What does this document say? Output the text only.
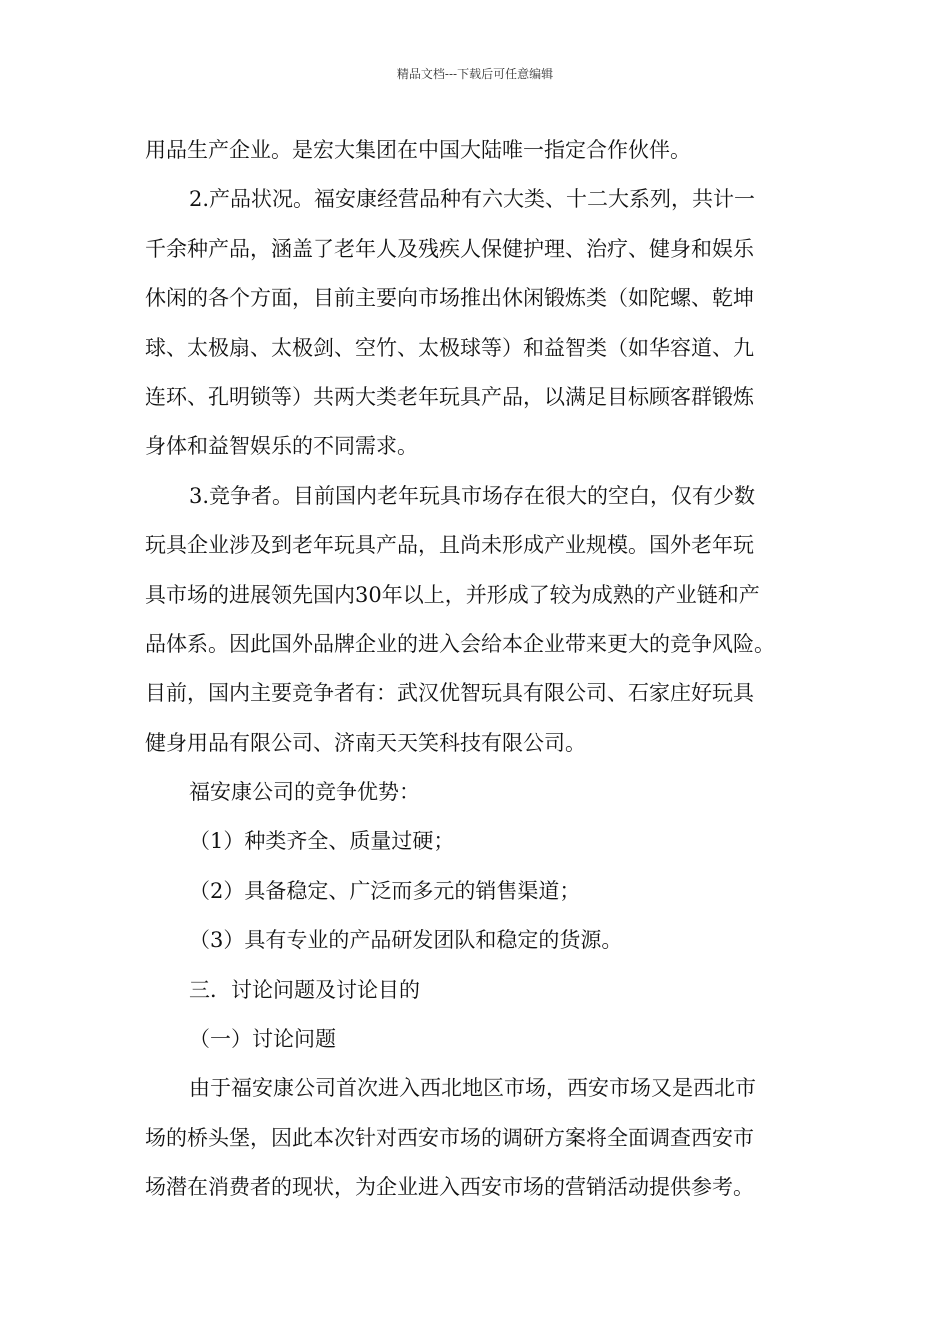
精品文档---下载后可任意编辑
用品生产企业。是宏大集团在中国大陆唯一指定合作伙伴。
2.产品状况。福安康经营品种有六大类、十二大系列，共计一
千余种产品，涵盖了老年人及残疾人保健护理、治疗、健身和娱乐
休闲的各个方面，目前主要向市场推出休闲锻炼类（如陀螺、乾坤
球、太极扇、太极剑、空竹、太极球等）和益智类（如华容道、九
连环、孔明锁等）共两大类老年玩具产品，以满足目标顾客群锻炼
身体和益智娱乐的不同需求。
3.竞争者。目前国内老年玩具市场存在很大的空白，仅有少数
玩具企业涉及到老年玩具产品，且尚未形成产业规模。国外老年玩
具市场的进展领先国内30年以上，并形成了较为成熟的产业链和产
品体系。因此国外品牌企业的进入会给本企业带来更大的竞争风险。
目前，国内主要竞争者有：武汉优智玩具有限公司、石家庄好玩具
健身用品有限公司、济南天天笑科技有限公司。
福安康公司的竞争优势：
（1）种类齐全、质量过硬；
（2）具备稳定、广泛而多元的销售渠道；
（3）具有专业的产品研发团队和稳定的货源。
三．讨论问题及讨论目的
（一）讨论问题
由于福安康公司首次进入西北地区市场，西安市场又是西北市
场的桥头堡，因此本次针对西安市场的调研方案将全面调查西安市
场潜在消费者的现状，为企业进入西安市场的营销活动提供参考。
